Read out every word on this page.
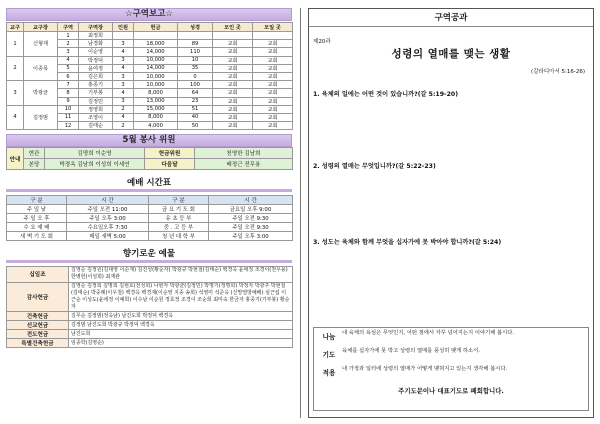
☆구역보고☆
교구	교구장	구역	구역장	인원	헌금	성경	모인 곳	모일 곳
1	신형재	1	최정희					
		2	남경화	3	18,000	89	교회	교회
		3	이순영	4	14,000	110	교회	교회
2	이종목	4	박정덕	3	10,000	10	교회	교회
		5	윤여정	4	14,000	35	교회	교회
		6	김은희	3	10,000	0	교회	교회
3	박광균	7	홍종기	3	10,000	100	교회	교회
		8	기부봉	4	8,000	64	교회	교회
		9	김정민	3	13,000	23	교회	교회
4	김정범	10	정영희	2	15,000	51	교회	교회
		11	조영이	4	8,000	40	교회	교회
		12	김태순	2	4,000	50	교회	교회
5월 봉사 위원
안내	현관	김명희 이순영	헌금위원	천영한 김남희
	본당	박경옥 김남희 이성희 이세연	다음달	배정근 전무용
예배 시간표
구 분	시 간	구 분	시 간
주 일 낮	주일 오전 11:00	금 요 기 도 회	금요일 오후 9:00
주 일 오 후	주일 오후 3:00	유 초 등 부	주일 오전 9:30
수 요 예 배	수요일오후 7:30	중 . 고 등 부	주일 오전 9:30
새 벽 기 도 회	매일 새벽 5:00	청 년 대 학 부	주일 오후 3:00
향기로운 예물
십일조	김영순 김정원(김대영 이순재) 김진성(황순자) 박광규 박현철(김태순) 백경옥 윤애정 조경이(천무용) 한병헌(이성희) 최재관
감사헌금	김영순 김정희 김명희 김현호(전성희) 나현자 박광균(김정민) 박명기(정명희) 박정자 박광주 박현철(김태순) 박중례(이우철) 백경옥 백경재(이순영 지종 송희) 석영미 석준옥 (신망열방예배) 심근섭 이근순 이성도(윤애정 이예희) 이수남 이순원 정효정 조경이 조순희 최미숙 한금자 홍종기(기부봉) 황순자
건축헌금	김무순 김정범(정옥남) 남진도희 박정덕 백경옥
선교헌금	김정범 남진도희 박광규 박정덕 백경옥
전도헌금	남진도희
특별건축헌금	임종학(김영순)
구역공과
제20과
성령의 열매를 맺는 생활
(갈라디아서 5:16-26)
1. 육체의 일에는 어떤 것이 있습니까?(갈 5:19-20)
2. 성령의 열매는 무엇입니까?(갈 5:22-23)
3. 성도는 육체와 함께 무엇을 십자가에 못 박아야 합니까?(갈 5:24)
나눔	내 육체의 욕심은 무엇인지, 어떤 점에서 자꾸 넘어지는지 이야기해 봅시다.
기도	육체를 십자가에 못 박고 성령의 열매를 풍성히 맺게 하소서.
적용	내 가정과 일터에 성령의 열매가 어떻게 맺혀지고 있는지 생각해 봅시다.
주기도문이나 대표기도로 폐회합니다.
